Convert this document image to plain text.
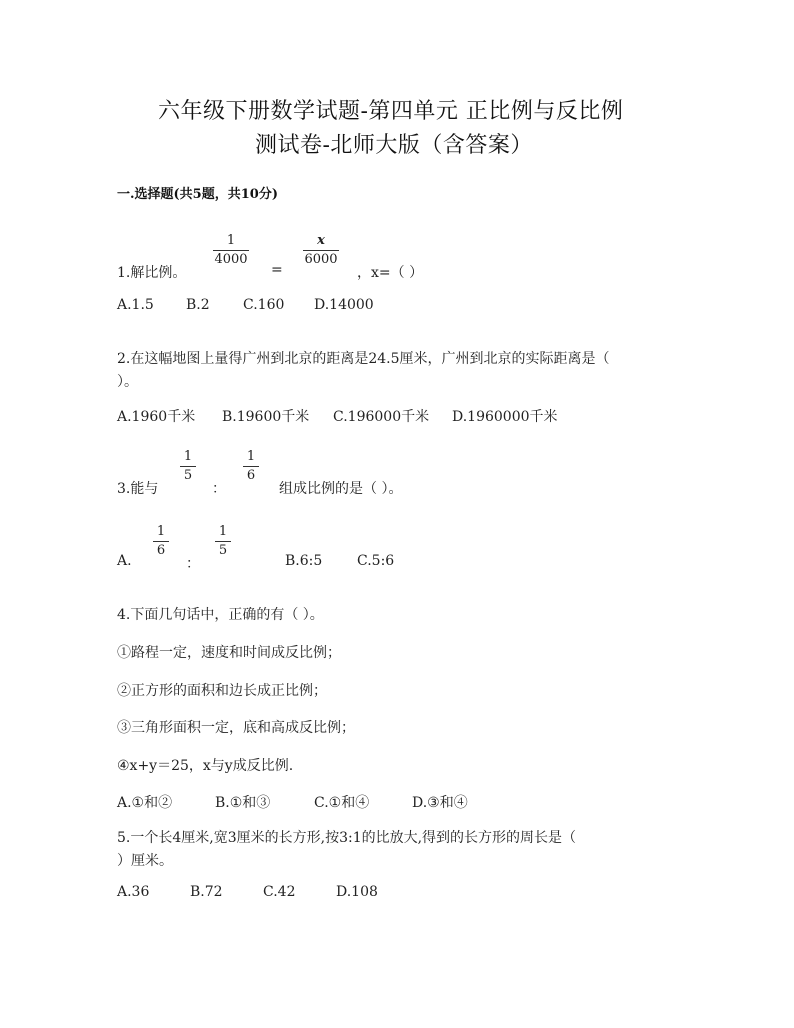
六年级下册数学试题-第四单元 正比例与反比例
测试卷-北师大版（含答案）
一.选择题(共5题，共10分)
1.解比例。
1
4000
=
x
6000
，x=（ ）
A.1.5 B.2 C.160 D.14000
2.在这幅地图上量得广州到北京的距离是24.5厘米，广州到北京的实际距离是（
）。
A.1960千米 B.19600千米 C.196000千米 D.1960000千米
3.能与
1
5
：
1
6
组成比例的是（ ）。
A.
1
6
：
1
5
B.6:5 C.5:6
4.下面几句话中，正确的有（ ）。
①路程一定，速度和时间成反比例；
②正方形的面积和边长成正比例；
③三角形面积一定，底和高成反比例；
④x+y＝25，x与y成反比例.
A.①和②	B.①和③	C.①和④	D.③和④
5.一个长4厘米,宽3厘米的长方形,按3:1的比放大,得到的长方形的周长是（
）厘米。
A.36	B.72	C.42	D.108
